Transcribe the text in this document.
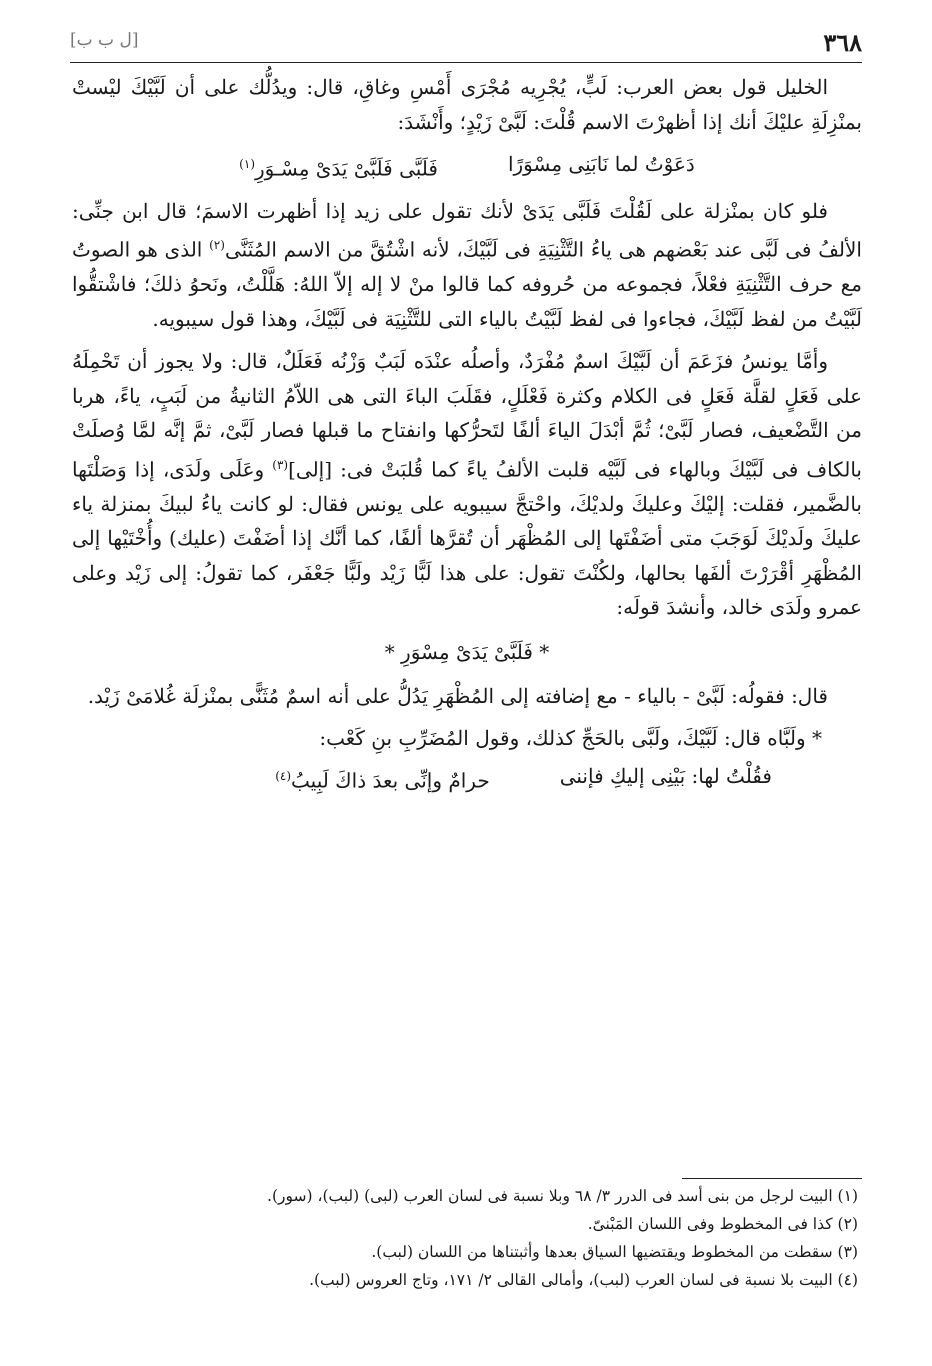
٣٦٨
[ل ب ب]

الخليل قول بعض العرب: لَبٍّ، يُجْرِيه مُجْرَى أَمْسِ وغاقِ، قال: ويدُلُّك على أن لَبَّيْكَ ليْستْ بمنْزِلَةِ عليْكَ أنك إذا أظهرْتَ الاسم قُلْتَ: لَبَّىْ زَيْدٍ؛ وأَنْشَدَ:

دَعَوْتُ لما نَابَنِى مِسْوَرًا
فَلَبَّى فَلَبَّىْ يَدَىْ مِسْـوَرِ$^{(١)}$

فلو كان بمنْزلة على لَقُلْتَ فَلَبَّى يَدَىْ لأنك تقول على زيد إذا أظهرت الاسمَ؛ قال ابن جنِّى: الألفُ فى لَبَّى عند بَعْضهم هى ياءُ التَّثْنِيَةِ فى لَبَّيْكَ، لأنه اشْتُقَّ من الاسم المُثَنَّى$^{(٢)}$ الذى هو الصوتُ مع حرف التَّثْنِيَةِ فعْلاً، فجموعه من حُروفه كما قالوا منْ لا إله إلاّ اللهُ: هَلَّلْتُ، ونَحوُ ذلكَ؛ فاشْتقُّوا لَبَّيْتُ من لفظ لَبَّيْكَ، فجاءوا فى لفظ لَبَّيْتُ بالياء التى للتَّثْنِيَة فى لَبَّيْكَ، وهذا قول سيبويه.

وأمَّا يونسُ فزَعَمَ أن لَبَّيْكَ اسمٌ مُفْرَدٌ، وأصلُه عنْدَه لَبَبٌ وَزْنُه فَعَلَلٌ، قال: ولا يجوز أن تَحْمِلَهُ على فَعَلٍ لقلَّة فَعَلٍ فى الكلام وكثرة فَعْلَلٍ، فقَلَبَ الباءَ التى هى اللاّمُ الثانيةُ من لَبَبٍ، ياءً، هربا من التَّضْعيف، فصار لَبَّىْ؛ ثُمَّ أبْدَلَ الياءَ ألفًا لتَحرُّكها وانفتاح ما قبلها فصار لَبَّىْ، ثمَّ إنَّه لمَّا وُصلَتْ بالكاف فى لَبَّيْكَ وبالهاء فى لَبَّيْه قلبت الألفُ ياءً كما قُلبَتْ فى: [إلى]$^{(٣)}$ وعَلَى ولَدَى، إذا وَصَلْتَها بالضَّمير، فقلت: إليْكَ وعليكَ ولديْكَ، واحْتجَّ سيبويه على يونس فقال: لو كانت ياءُ لبيكَ بمنزلة ياء عليكَ ولَديْكَ لَوَجَبَ متى أضَفْتَها إلى المُظْهَر أن تُقرَّها ألفًا، كما أنَّك إذا أضَفْتَ (عليك) وأُخْتَيْها إلى المُظْهَرِ أقْرَرْتَ ألفَها بحالها، ولكُنْتَ تقول: على هذا لَبًّا زَيْد ولَبًّا جَعْفَر، كما تقولُ: إلى زَيْد وعلى عمرو ولَدَى خالد، وأنشدَ قولَه:

* فَلَبَّىْ يَدَىْ مِسْوَرِ *

قال: فقولُه: لَبَّىْ - بالياء - مع إضافته إلى المُظْهَرِ يَدُلُّ على أنه اسمٌ مُثَنًّى بمنْزلَة غُلامَىْ زَيْد.

* ولَبَّاه قال: لَبَّيْكَ، ولَبَّى بالحَجِّ كذلك، وقول المُضَرِّبِ بنِ كَعْب:

فقُلْتُ لها: بَيْنِى إليكِ فإننى
حرامٌ وإنِّى بعدَ ذاكَ لَبِيبُ$^{(٤)}$

(١) البيت لرجل من بنى أسد فى الدرر ٣/ ٦٨ وبلا نسبة فى لسان العرب (لبى) (لبب)، (سور).

(٢) كذا فى المخطوط وفى اللسان المَبْنىّ.

(٣) سقطت من المخطوط ويقتضيها السياق بعدها وأثبتناها من اللسان (لبب).

(٤) البيت بلا نسبة فى لسان العرب (لبب)، وأمالى القالى ٢/ ١٧١، وتاج العروس (لبب).
